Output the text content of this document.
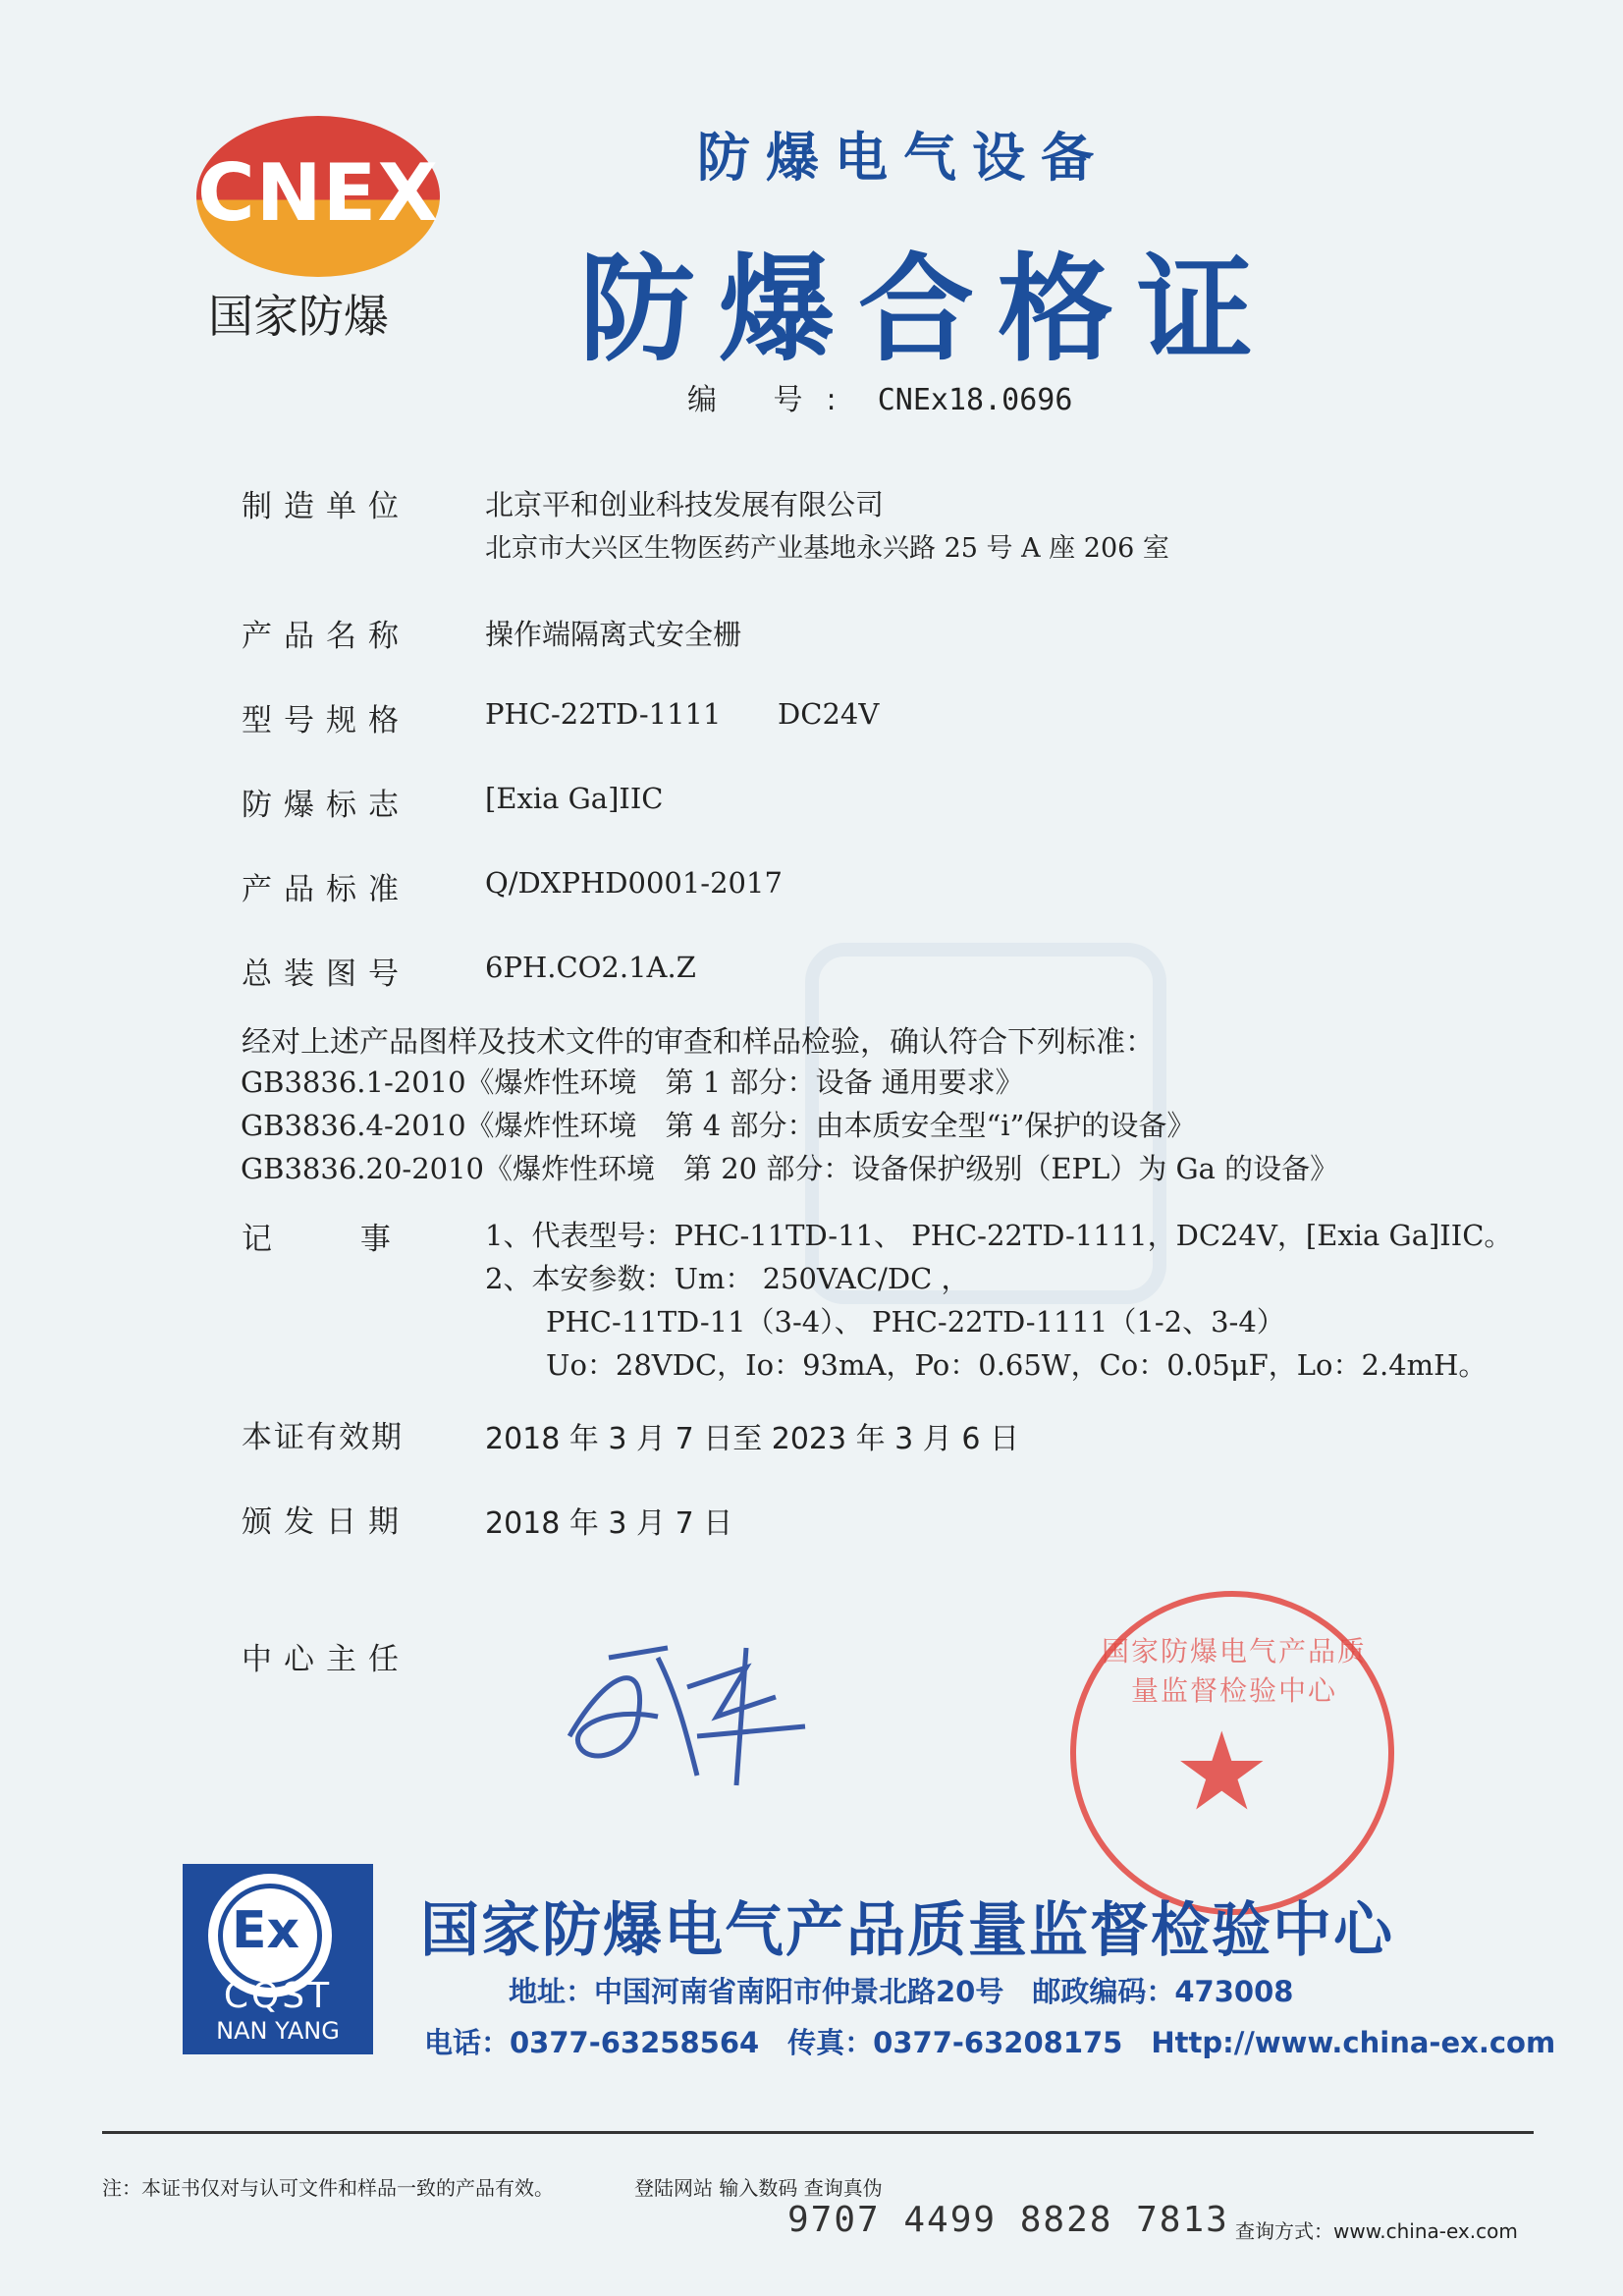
CNEX
国家防爆
防爆电气设备
防爆合格证
编 号: CNEx18.0696
制造单位	北京平和创业科技发展有限公司
北京市大兴区生物医药产业基地永兴路 25 号 A 座 206 室
产品名称	操作端隔离式安全栅
型号规格	PHC-22TD-1111 DC24V
防爆标志	[Exia Ga]IIC
产品标准	Q/DXPHD0001-2017
总装图号	6PH.CO2.1A.Z
经对上述产品图样及技术文件的审查和样品检验，确认符合下列标准：
GB3836.1-2010《爆炸性环境　第 1 部分：设备 通用要求》
GB3836.4-2010《爆炸性环境　第 4 部分：由本质安全型“i”保护的设备》
GB3836.20-2010《爆炸性环境　第 20 部分：设备保护级别（EPL）为 Ga 的设备》
记 事 1、代表型号：PHC-11TD-11、 PHC-22TD-1111，DC24V，[Exia Ga]IIC。
2、本安参数：Um： 250VAC/DC ，
PHC-11TD-11（3-4）、 PHC-22TD-1111（1-2、3-4）
Uo：28VDC，Io：93mA，Po：0.65W，Co：0.05μF，Lo：2.4mH。
本证有效期	2018 年 3 月 7 日至 2023 年 3 月 6 日
颁发日期	2018 年 3 月 7 日
中心主任	国家防爆电气产品质量监督检验中心
★
Ex
CQST
NAN YANG
国家防爆电气产品质量监督检验中心
地址：中国河南省南阳市仲景北路20号　邮政编码：473008
电话：0377-63258564　传真：0377-63208175　Http://www.china-ex.com
注：本证书仅对与认可文件和样品一致的产品有效。	登陆网站 输入数码 查询真伪
9707 4499 8828 7813 查询方式：www.china-ex.com
